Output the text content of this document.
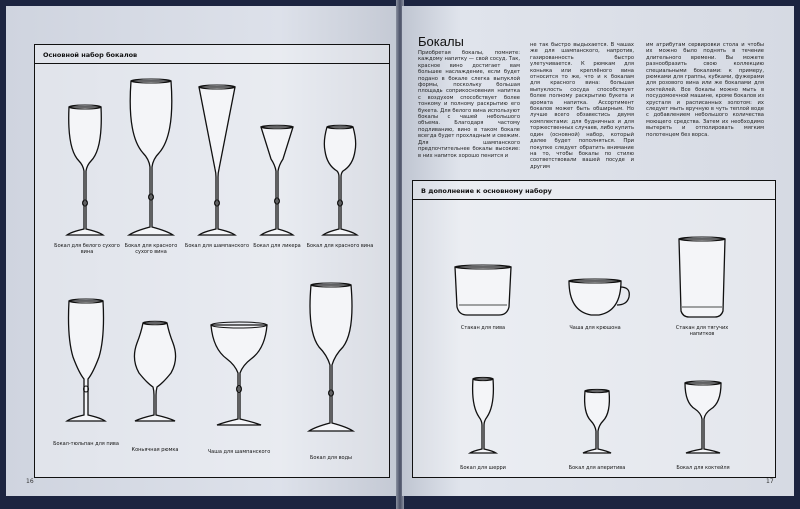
Основной набор бокалов
Бокал для белого сухого вина
Бокал для красного сухого вина
Бокал для шампанского Бокал для ликера	Бокал для красного вина
Бокал-тюльпан для пива
Коньячная рюмка	Чаша для шампанского
Бокал для воды
16
Бокалы
Приобретая бокалы, помните: каждому напитку — свой сосуд. Так, красное вино достигает вам большее наслаждение, если будет подано в бокале слегка выпуклой формы, поскольку большая площадь соприкосновения напитка с воздухом способствует более тонкому и полному раскрытию его букета. Для белого вина используют бокалы с чашей небольшого объема. Благодаря частому подливанию, вино в таком бокале всегда будет прохладным и свежим. Для шампанского предпочтительнее бокалы высокие: в них напиток хорошо пенится и
не так быстро выдыхается. В чашах же для шампанского, напротив, газированность быстро улетучивается. К рюмкам для коньяка или креплёного вина относится то же, что и к бокалам для красного вина: большая выпуклость сосуда способствует более полному раскрытию букета и аромата напитка. Ассортимент бокалов может быть обширным. Но лучше всего обзавестись двумя комплектами: для будничных и для торжественных случаев, либо купить один (основной) набор, который далее будет пополняться. При покупке следует обратить внимание на то, чтобы бокалы по стилю соответствовали вашей посуде и другим
им атрибутам сервировки стола и чтобы их можно было поднять в течение длительного времени. Вы можете разнообразить свою коллекцию специальными бокалами: к примеру, рюмками для граппы, кубками, фужерами для розового вина или же бокалами для коктейлей. Все бокалы можно мыть в посудомоечной машине, кроме бокалов из хрусталя и расписанных золотом: их следует мыть вручную в чуть теплой воде с добавлением небольшого количества моющего средства. Затем их необходимо вытереть и отполировать мягким полотенцем без ворса.
В дополнение к основному набору
Стакан для пива	Чаша для крюшона	Стакан для тягучих напитков
Бокал для шерри	Бокал для аперитива	Бокал для коктейля
17
